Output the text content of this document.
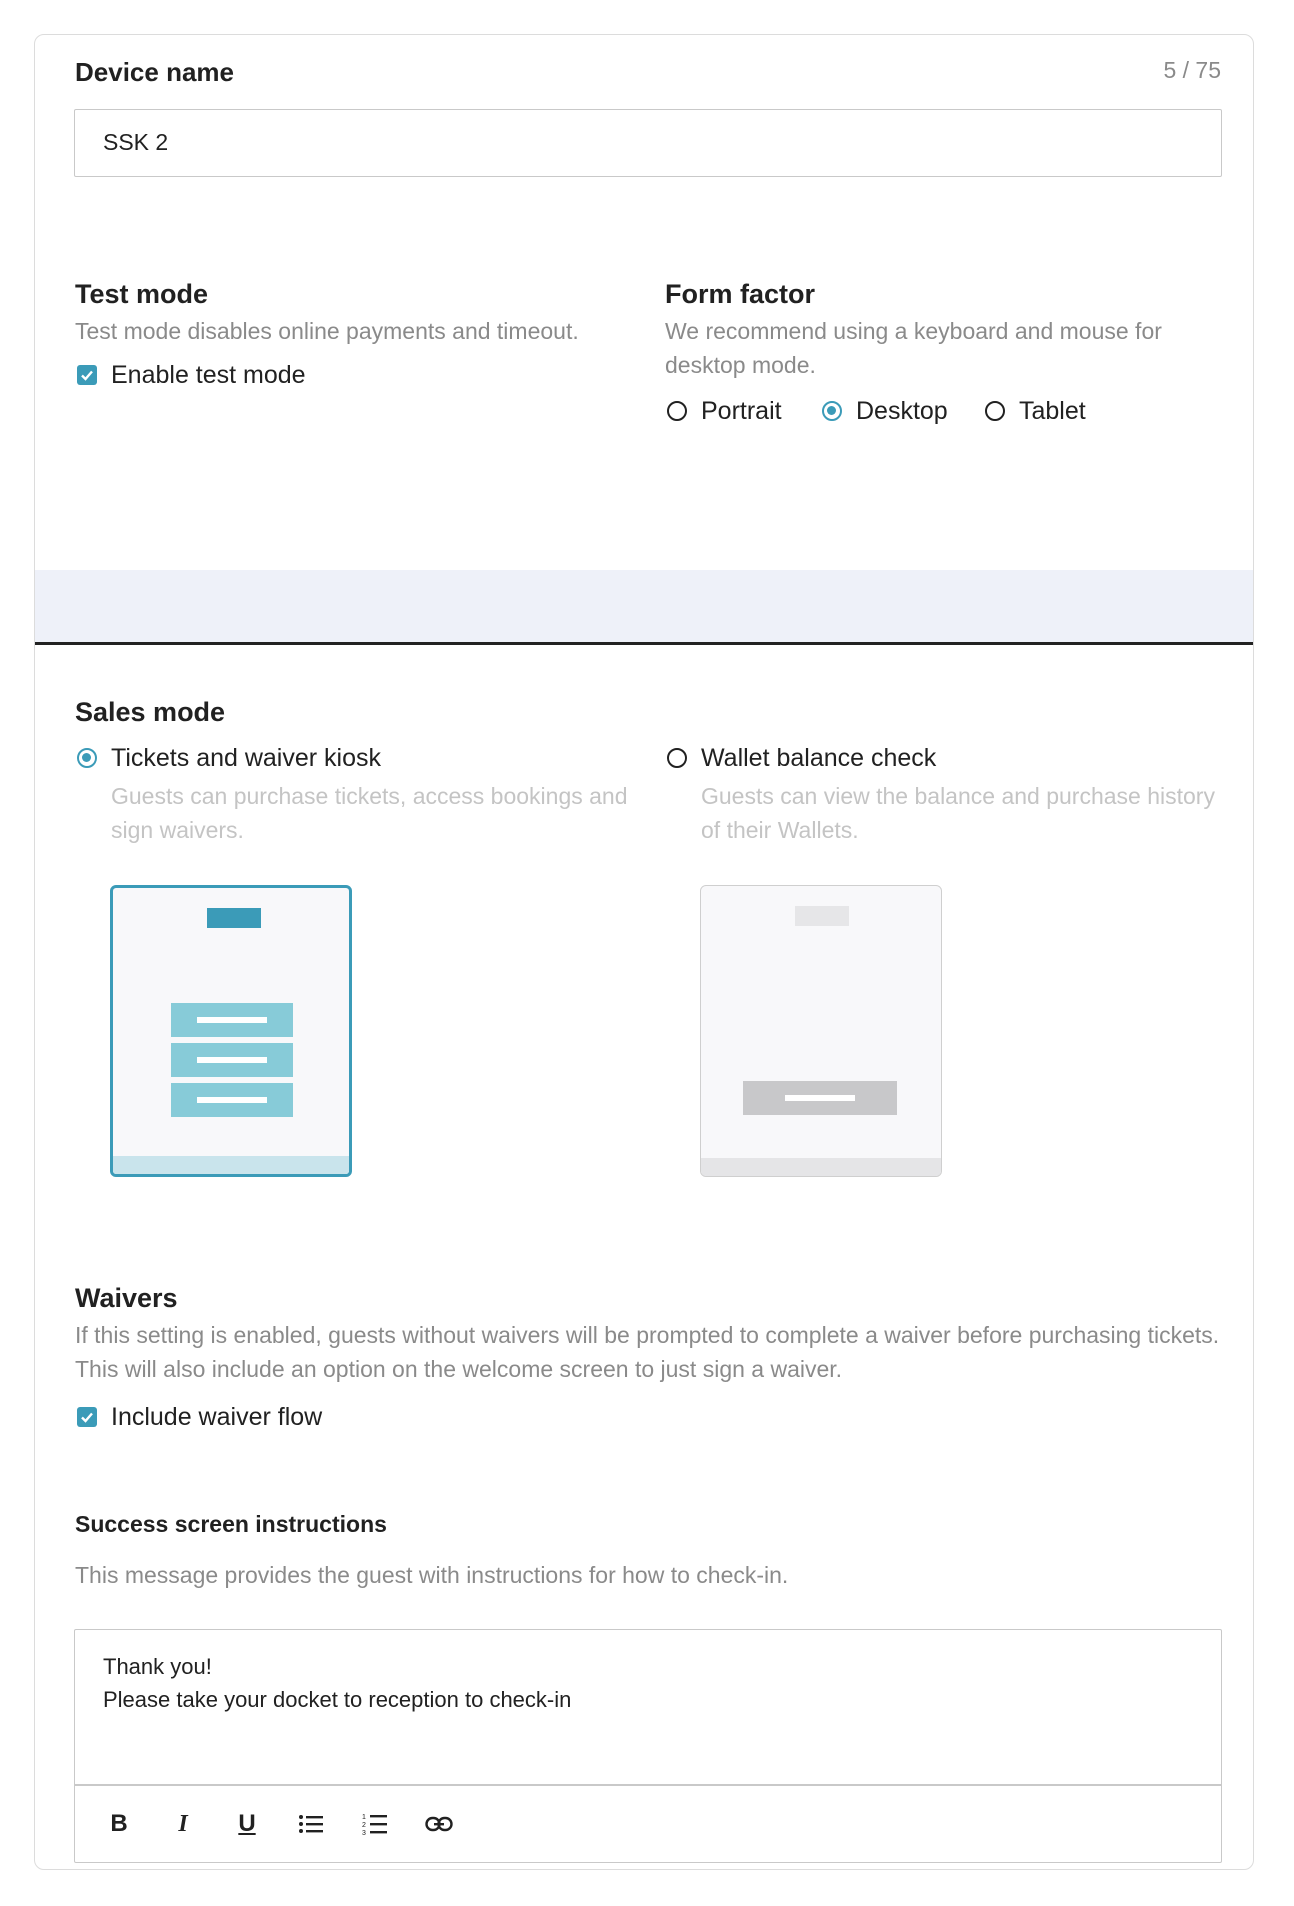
Device name	5 / 75
SSK 2
Test mode
Test mode disables online payments and timeout.
Enable test mode
Form factor
We recommend using a keyboard and mouse for desktop mode.
Portrait	Desktop	Tablet
Sales mode
Tickets and waiver kiosk
Guests can purchase tickets, access bookings and sign waivers.
Wallet balance check
Guests can view the balance and purchase history of their Wallets.
Waivers
If this setting is enabled, guests without waivers will be prompted to complete a waiver before purchasing tickets. This will also include an option on the welcome screen to just sign a waiver.
Include waiver flow
Success screen instructions
This message provides the guest with instructions for how to check-in.
Thank you!
Please take your docket to reception to check-in
B I U	1
2
3
